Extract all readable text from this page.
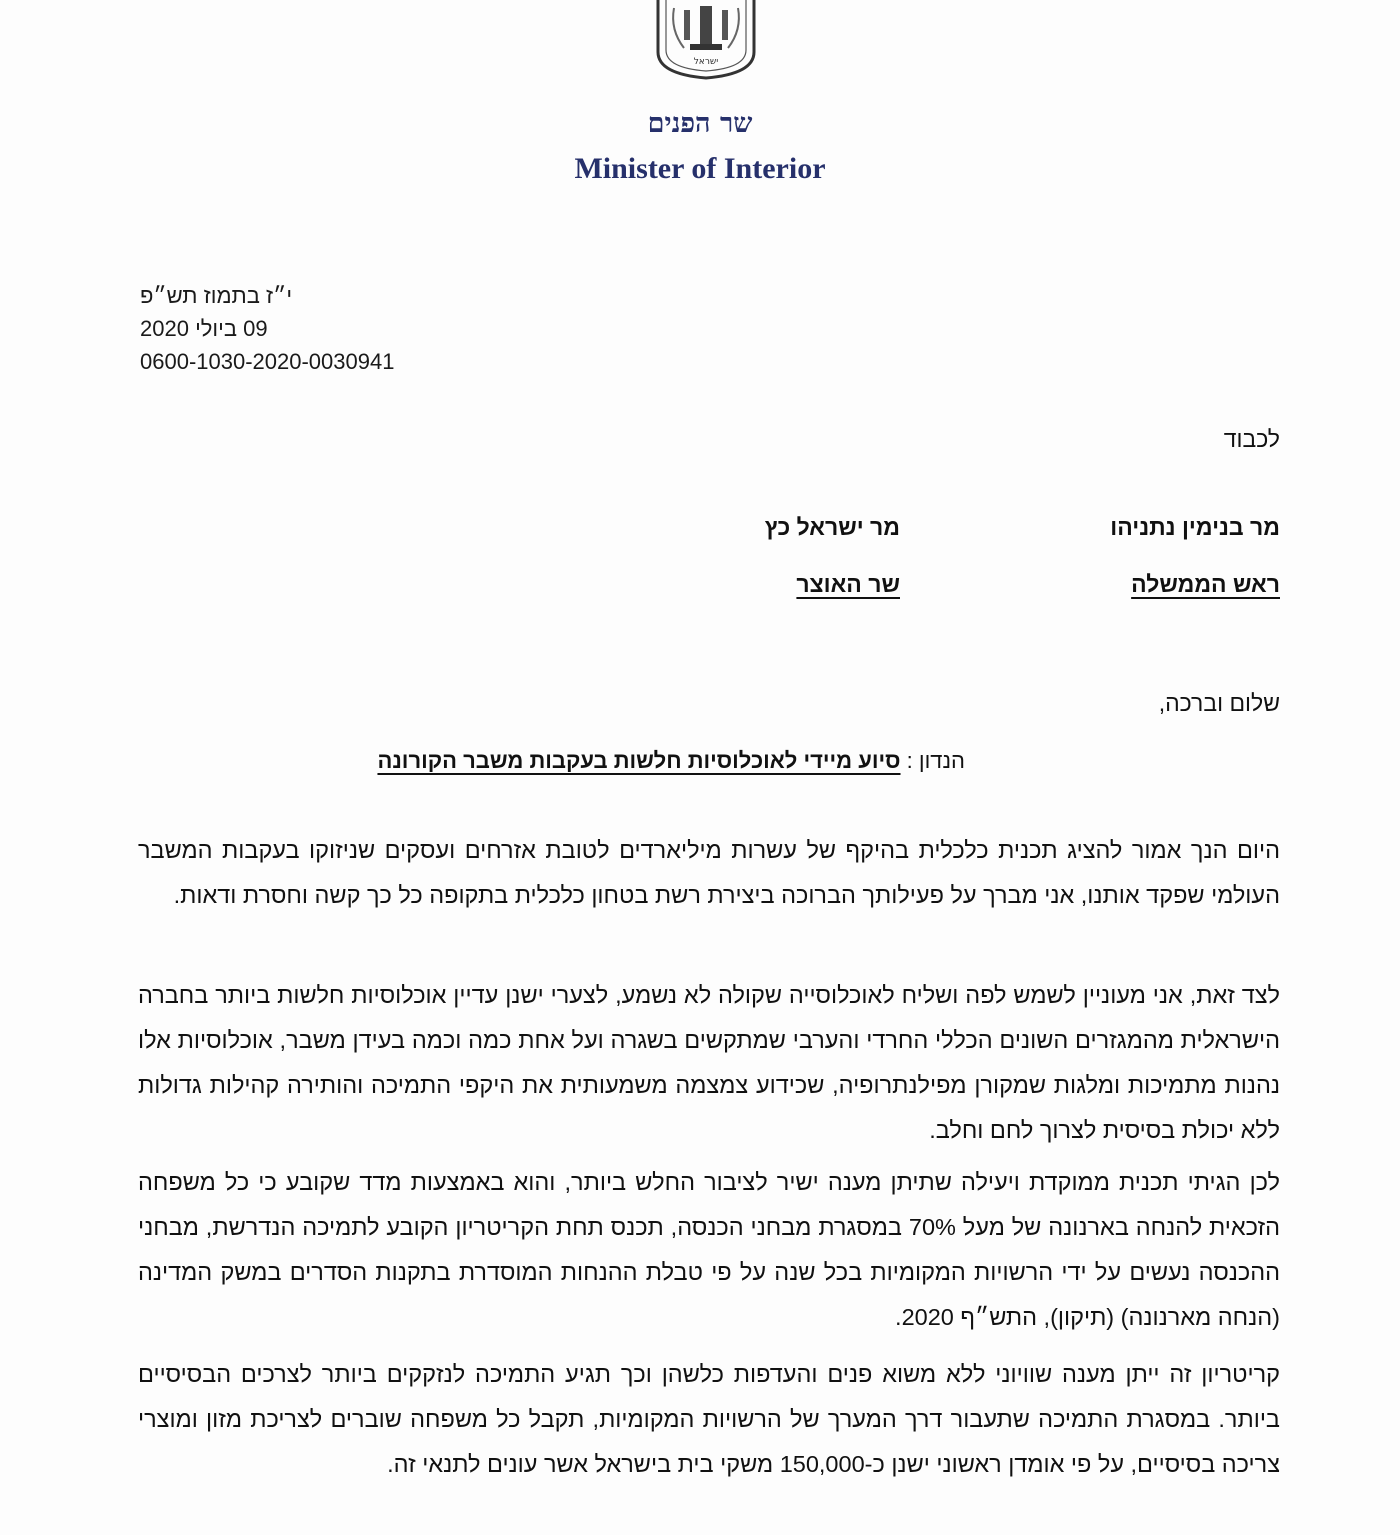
ישראל
שר הפנים
Minister of Interior
י״ז בתמוז תש״פ
09 ביולי 2020
0600-1030-2020-0030941
לכבוד
מר בנימין נתניהו
ראש הממשלה
מר ישראל כץ
שר האוצר
שלום וברכה,
הנדון : סיוע מיידי לאוכלוסיות חלשות בעקבות משבר הקורונה

היום הנך אמור להציג תכנית כלכלית בהיקף של עשרות מיליארדים לטובת אזרחים ועסקים שניזוקו בעקבות המשבר העולמי שפקד אותנו, אני מברך על פעילותך הברוכה ביצירת רשת בטחון כלכלית בתקופה כל כך קשה וחסרת ודאות.

לצד זאת, אני מעוניין לשמש לפה ושליח לאוכלוסייה שקולה לא נשמע, לצערי ישנן עדיין אוכלוסיות חלשות ביותר בחברה הישראלית מהמגזרים השונים הכללי החרדי והערבי שמתקשים בשגרה ועל אחת כמה וכמה בעידן משבר, אוכלוסיות אלו נהנות מתמיכות ומלגות שמקורן מפילנתרופיה, שכידוע צמצמה משמעותית את היקפי התמיכה והותירה קהילות גדולות ללא יכולת בסיסית לצרוך לחם וחלב.

לכן הגיתי תכנית ממוקדת ויעילה שתיתן מענה ישיר לציבור החלש ביותר, והוא באמצעות מדד שקובע כי כל משפחה הזכאית להנחה בארנונה של מעל 70% במסגרת מבחני הכנסה, תכנס תחת הקריטריון הקובע לתמיכה הנדרשת, מבחני ההכנסה נעשים על ידי הרשויות המקומיות בכל שנה על פי טבלת ההנחות המוסדרת בתקנות הסדרים במשק המדינה (הנחה מארנונה) (תיקון), התש״ף 2020.

קריטריון זה ייתן מענה שוויוני ללא משוא פנים והעדפות כלשהן וכך תגיע התמיכה לנזקקים ביותר לצרכים הבסיסיים ביותר. במסגרת התמיכה שתעבור דרך המערך של הרשויות המקומיות, תקבל כל משפחה שוברים לצריכת מזון ומוצרי צריכה בסיסיים, על פי אומדן ראשוני ישנן כ-150,000 משקי בית בישראל אשר עונים לתנאי זה.
